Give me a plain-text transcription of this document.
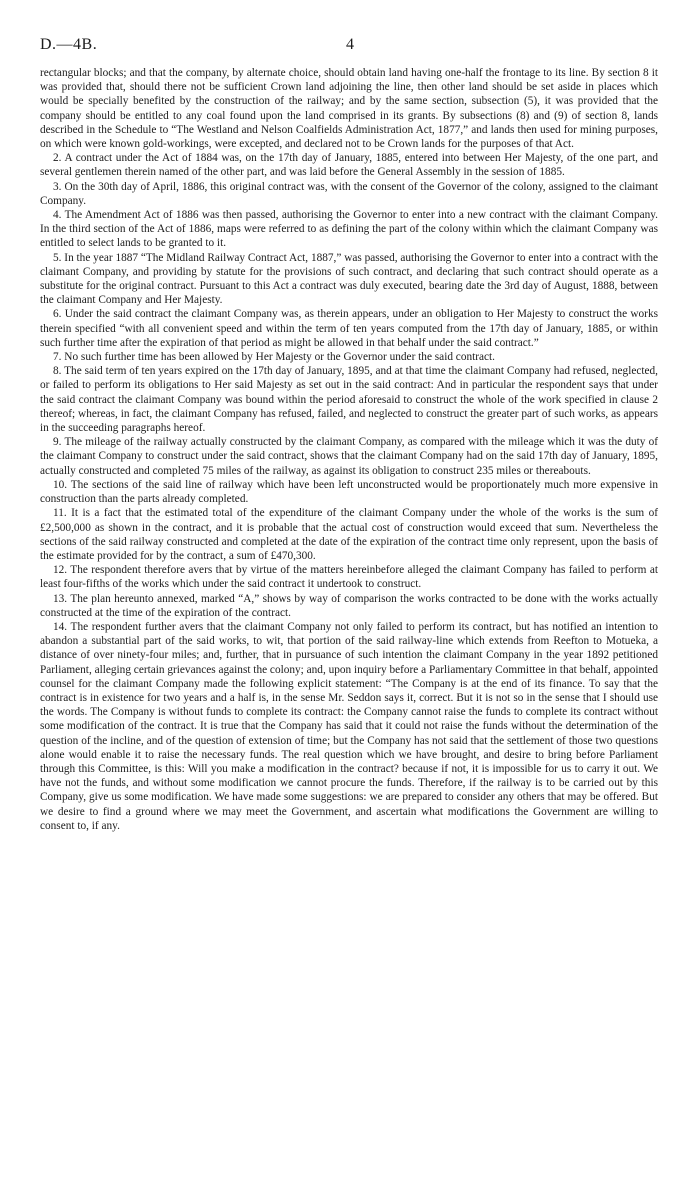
D.—4B.	4

rectangular blocks; and that the company, by alternate choice, should obtain land having one-half the frontage to its line. By section 8 it was provided that, should there not be sufficient Crown land adjoining the line, then other land should be set aside in places which would be specially benefited by the construction of the railway; and by the same section, subsection (5), it was provided that the company should be entitled to any coal found upon the land comprised in its grants. By subsections (8) and (9) of section 8, lands described in the Schedule to “The Westland and Nelson Coalfields Administration Act, 1877,” and lands then used for mining purposes, on which were known gold-workings, were excepted, and declared not to be Crown lands for the purposes of that Act.

2. A contract under the Act of 1884 was, on the 17th day of January, 1885, entered into between Her Majesty, of the one part, and several gentlemen therein named of the other part, and was laid before the General Assembly in the session of 1885.

3. On the 30th day of April, 1886, this original contract was, with the consent of the Governor of the colony, assigned to the claimant Company.

4. The Amendment Act of 1886 was then passed, authorising the Governor to enter into a new contract with the claimant Company. In the third section of the Act of 1886, maps were referred to as defining the part of the colony within which the claimant Company was entitled to select lands to be granted to it.

5. In the year 1887 “The Midland Railway Contract Act, 1887,” was passed, authorising the Governor to enter into a contract with the claimant Company, and providing by statute for the provisions of such contract, and declaring that such contract should operate as a substitute for the original contract. Pursuant to this Act a contract was duly executed, bearing date the 3rd day of August, 1888, between the claimant Company and Her Majesty.

6. Under the said contract the claimant Company was, as therein appears, under an obligation to Her Majesty to construct the works therein specified “with all convenient speed and within the term of ten years computed from the 17th day of January, 1885, or within such further time after the expiration of that period as might be allowed in that behalf under the said contract.”

7. No such further time has been allowed by Her Majesty or the Governor under the said contract.

8. The said term of ten years expired on the 17th day of January, 1895, and at that time the claimant Company had refused, neglected, or failed to perform its obligations to Her said Majesty as set out in the said contract: And in particular the respondent says that under the said contract the claimant Company was bound within the period aforesaid to construct the whole of the work specified in clause 2 thereof; whereas, in fact, the claimant Company has refused, failed, and neglected to construct the greater part of such works, as appears in the succeeding paragraphs hereof.

9. The mileage of the railway actually constructed by the claimant Company, as compared with the mileage which it was the duty of the claimant Company to construct under the said contract, shows that the claimant Company had on the said 17th day of January, 1895, actually constructed and completed 75 miles of the railway, as against its obligation to construct 235 miles or thereabouts.

10. The sections of the said line of railway which have been left unconstructed would be proportionately much more expensive in construction than the parts already completed.

11. It is a fact that the estimated total of the expenditure of the claimant Company under the whole of the works is the sum of £2,500,000 as shown in the contract, and it is probable that the actual cost of construction would exceed that sum. Nevertheless the sections of the said railway constructed and completed at the date of the expiration of the contract time only represent, upon the basis of the estimate provided for by the contract, a sum of £470,300.

12. The respondent therefore avers that by virtue of the matters hereinbefore alleged the claimant Company has failed to perform at least four-fifths of the works which under the said contract it undertook to construct.

13. The plan hereunto annexed, marked “A,” shows by way of comparison the works contracted to be done with the works actually constructed at the time of the expiration of the contract.

14. The respondent further avers that the claimant Company not only failed to perform its contract, but has notified an intention to abandon a substantial part of the said works, to wit, that portion of the said railway-line which extends from Reefton to Motueka, a distance of over ninety-four miles; and, further, that in pursuance of such intention the claimant Company in the year 1892 petitioned Parliament, alleging certain grievances against the colony; and, upon inquiry before a Parliamentary Committee in that behalf, appointed counsel for the claimant Company made the following explicit statement: “The Company is at the end of its finance. To say that the contract is in existence for two years and a half is, in the sense Mr. Seddon says it, correct. But it is not so in the sense that I should use the words. The Company is without funds to complete its contract: the Company cannot raise the funds to complete its contract without some modification of the contract. It is true that the Company has said that it could not raise the funds without the determination of the question of the incline, and of the question of extension of time; but the Company has not said that the settlement of those two questions alone would enable it to raise the necessary funds. The real question which we have brought, and desire to bring before Parliament through this Committee, is this: Will you make a modification in the contract? because if not, it is impossible for us to carry it out. We have not the funds, and without some modification we cannot procure the funds. Therefore, if the railway is to be carried out by this Company, give us some modification. We have made some suggestions: we are prepared to consider any others that may be offered. But we desire to find a ground where we may meet the Government, and ascertain what modifications the Government are willing to consent to, if any.
